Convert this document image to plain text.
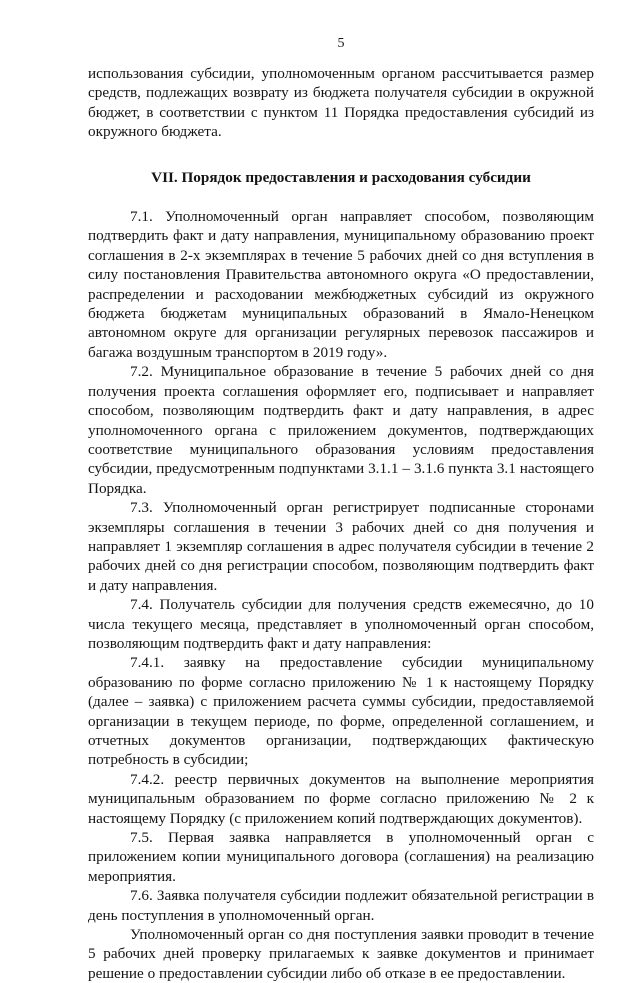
5

использования субсидии, уполномоченным органом рассчитывается размер средств, подлежащих возврату из бюджета получателя субсидии в окружной бюджет, в соответствии с пунктом 11 Порядка предоставления субсидий из окружного бюджета.

VII. Порядок предоставления и расходования субсидии

7.1. Уполномоченный орган направляет способом, позволяющим подтвердить факт и дату направления, муниципальному образованию проект соглашения в 2-х экземплярах в течение 5 рабочих дней со дня вступления в силу постановления Правительства автономного округа «О предоставлении, распределении и расходовании межбюджетных субсидий из окружного бюджета бюджетам муниципальных образований в Ямало-Ненецком автономном округе для организации регулярных перевозок пассажиров и багажа воздушным транспортом в 2019 году».

7.2. Муниципальное образование в течение 5 рабочих дней со дня получения проекта соглашения оформляет его, подписывает и направляет способом, позволяющим подтвердить факт и дату направления, в адрес уполномоченного органа с приложением документов, подтверждающих соответствие муниципального образования условиям предоставления субсидии, предусмотренным подпунктами 3.1.1 – 3.1.6 пункта 3.1 настоящего Порядка.

7.3. Уполномоченный орган регистрирует подписанные сторонами экземпляры соглашения в течении 3 рабочих дней со дня получения и направляет 1 экземпляр соглашения в адрес получателя субсидии в течение 2 рабочих дней со дня регистрации способом, позволяющим подтвердить факт и дату направления.

7.4. Получатель субсидии для получения средств ежемесячно, до 10 числа текущего месяца, представляет в уполномоченный орган способом, позволяющим подтвердить факт и дату направления:

7.4.1. заявку на предоставление субсидии муниципальному образованию по форме согласно приложению № 1 к настоящему Порядку (далее – заявка) с приложением расчета суммы субсидии, предоставляемой организации в текущем периоде, по форме, определенной соглашением, и отчетных документов организации, подтверждающих фактическую потребность в субсидии;

7.4.2. реестр первичных документов на выполнение мероприятия муниципальным образованием по форме согласно приложению № 2 к настоящему Порядку (с приложением копий подтверждающих документов).

7.5. Первая заявка направляется в уполномоченный орган с приложением копии муниципального договора (соглашения) на реализацию мероприятия.

7.6. Заявка получателя субсидии подлежит обязательной регистрации в день поступления в уполномоченный орган.

Уполномоченный орган со дня поступления заявки проводит в течение 5 рабочих дней проверку прилагаемых к заявке документов и принимает решение о предоставлении субсидии либо об отказе в ее предоставлении.
